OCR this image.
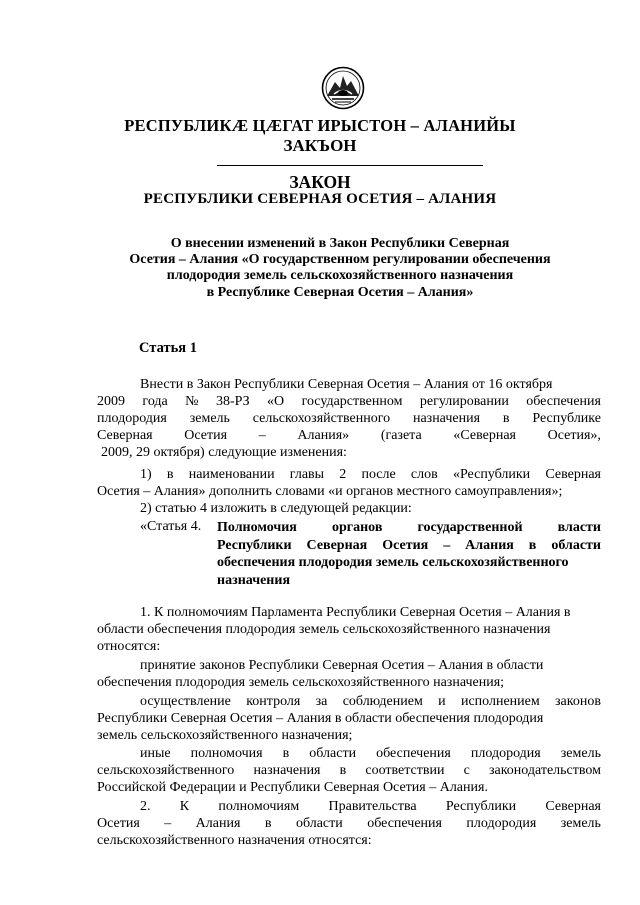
РЕСПУБЛИКӔ ЦӔГАТ ИРЫСТОН – АЛАНИЙЫ
ЗАКЪОН
ЗАКОН
РЕСПУБЛИКИ СЕВЕРНАЯ ОСЕТИЯ – АЛАНИЯ
О внесении изменений в Закон Республики Северная
Осетия – Алания «О государственном регулировании обеспечения
плодородия земель сельскохозяйственного назначения
в Республике Северная Осетия – Алания»
Статья 1
Внести в Закон Республики Северная Осетия – Алания от 16 октября
2009 года № 38-РЗ «О государственном регулировании обеспечения
плодородия земель сельскохозяйственного назначения в Республике
Северная Осетия – Алания» (газета «Северная Осетия»,
2009, 29 октября) следующие изменения:
1) в наименовании главы 2 после слов «Республики Северная
Осетия – Алания» дополнить словами «и органов местного самоуправления»;
2) статью 4 изложить в следующей редакции:
«Статья 4. Полномочия	органов	государственной	власти
Республики Северная Осетия – Алания в области
обеспечения плодородия земель сельскохозяйственного
назначения
1. К полномочиям Парламента Республики Северная Осетия – Алания в
области обеспечения плодородия земель сельскохозяйственного назначения
относятся:
принятие законов Республики Северная Осетия – Алания в области
обеспечения плодородия земель сельскохозяйственного назначения;
осуществление контроля за соблюдением и исполнением законов
Республики Северная Осетия – Алания в области обеспечения плодородия
земель сельскохозяйственного назначения;
иные полномочия в области обеспечения плодородия земель
сельскохозяйственного назначения в соответствии с законодательством
Российской Федерации и Республики Северная Осетия – Алания.
2. К полномочиям Правительства Республики Северная
Осетия – Алания в области обеспечения плодородия земель
сельскохозяйственного назначения относятся:
